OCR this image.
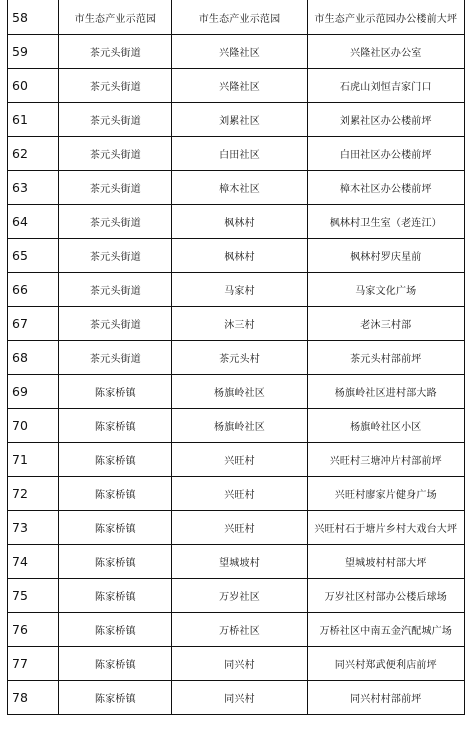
58	市生态产业示范园	市生态产业示范园	市生态产业示范园办公楼前大坪
59	茶元头街道	兴隆社区	兴隆社区办公室
60	茶元头街道	兴隆社区	石虎山刘恒吉家门口
61	茶元头街道	刘累社区	刘累社区办公楼前坪
62	茶元头街道	白田社区	白田社区办公楼前坪
63	茶元头街道	樟木社区	樟木社区办公楼前坪
64	茶元头街道	枫林村	枫林村卫生室（老连江）
65	茶元头街道	枫林村	枫林村罗庆星前
66	茶元头街道	马家村	马家文化广场
67	茶元头街道	沐三村	老沐三村部
68	茶元头街道	茶元头村	茶元头村部前坪
69	陈家桥镇	杨旗岭社区	杨旗岭社区进村部大路
70	陈家桥镇	杨旗岭社区	杨旗岭社区小区
71	陈家桥镇	兴旺村	兴旺村三塘冲片村部前坪
72	陈家桥镇	兴旺村	兴旺村廖家片健身广场
73	陈家桥镇	兴旺村	兴旺村石于塘片乡村大戏台大坪
74	陈家桥镇	望城坡村	望城坡村村部大坪
75	陈家桥镇	万岁社区	万岁社区村部办公楼后球场
76	陈家桥镇	万桥社区	万桥社区中南五金汽配城广场
77	陈家桥镇	同兴村	同兴村郑武便利店前坪
78	陈家桥镇	同兴村	同兴村村部前坪
